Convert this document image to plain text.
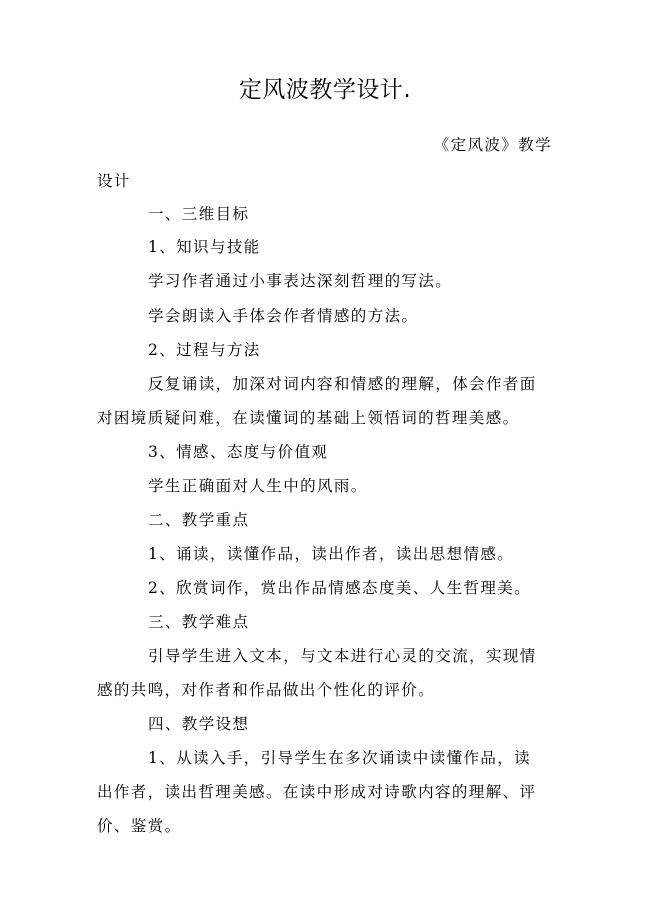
定风波教学设计.
《定风波》教学
设计
一、三维目标
1、知识与技能
学习作者通过小事表达深刻哲理的写法。
学会朗读入手体会作者情感的方法。
2、过程与方法
反复诵读，加深对词内容和情感的理解，体会作者面
对困境质疑问难，在读懂词的基础上领悟词的哲理美感。
3、情感、态度与价值观
学生正确面对人生中的风雨。
二、教学重点
1、诵读，读懂作品，读出作者，读出思想情感。
2、欣赏词作，赏出作品情感态度美、人生哲理美。
三、教学难点
引导学生进入文本，与文本进行心灵的交流，实现情
感的共鸣，对作者和作品做出个性化的评价。
四、教学设想
1、从读入手，引导学生在多次诵读中读懂作品，读
出作者，读出哲理美感。在读中形成对诗歌内容的理解、评
价、鉴赏。
